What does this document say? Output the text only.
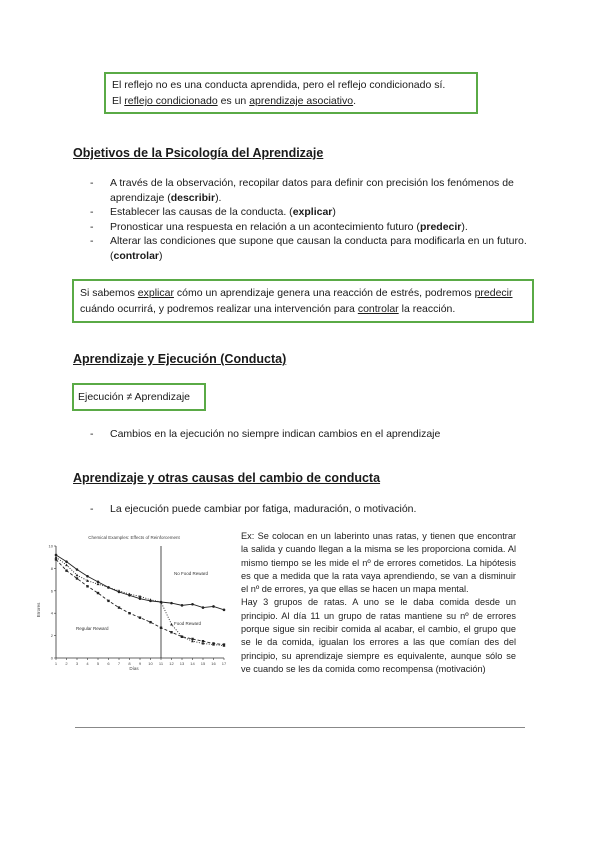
El reflejo no es una conducta aprendida, pero el reflejo condicionado sí.
El reflejo condicionado es un aprendizaje asociativo.
Objetivos de la Psicología del Aprendizaje
- A través de la observación, recopilar datos para definir con precisión los fenómenos de aprendizaje (describir).
- Establecer las causas de la conducta. (explicar)
- Pronosticar una respuesta en relación a un acontecimiento futuro (predecir).
- Alterar las condiciones que supone que causan la conducta para modificarla en un futuro. (controlar)
Si sabemos explicar cómo un aprendizaje genera una reacción de estrés, podremos predecir cuándo ocurrirá, y podremos realizar una intervención para controlar la reacción.
Aprendizaje y Ejecución (Conducta)
Ejecución ≠ Aprendizaje
- Cambios en la ejecución no siempre indican cambios en el aprendizaje
Aprendizaje y otras causas del cambio de conducta
- La ejecución puede cambiar por fatiga, maduración, o motivación.
Chemical Examples: Effects of Reinforcement
1 2 3 4 5 6 7 8 9 10 11 12 13 14 15 16 17
0
2
4
6
8
10
No Food Reward
Regular Reward
Food Reward
Días
Errores
Ex: Se colocan en un laberinto unas ratas, y tienen que encontrar la salida y cuando llegan a la misma se les proporciona comida. Al mismo tiempo se les mide el nº de errores cometidos. La hipótesis es que a medida que la rata vaya aprendiendo, se van a disminuir el nº de errores, ya que ellas se hacen un mapa mental.
Hay 3 grupos de ratas. A uno se le daba comida desde un principio. Al día 11 un grupo de ratas mantiene su nº de errores porque sigue sin recibir comida al acabar, el cambio, el grupo que se le da comida, igualan los errores a las que comían des del principio, su aprendizaje siempre es equivalente, aunque sólo se ve cuando se les da comida como recompensa (motivación)
